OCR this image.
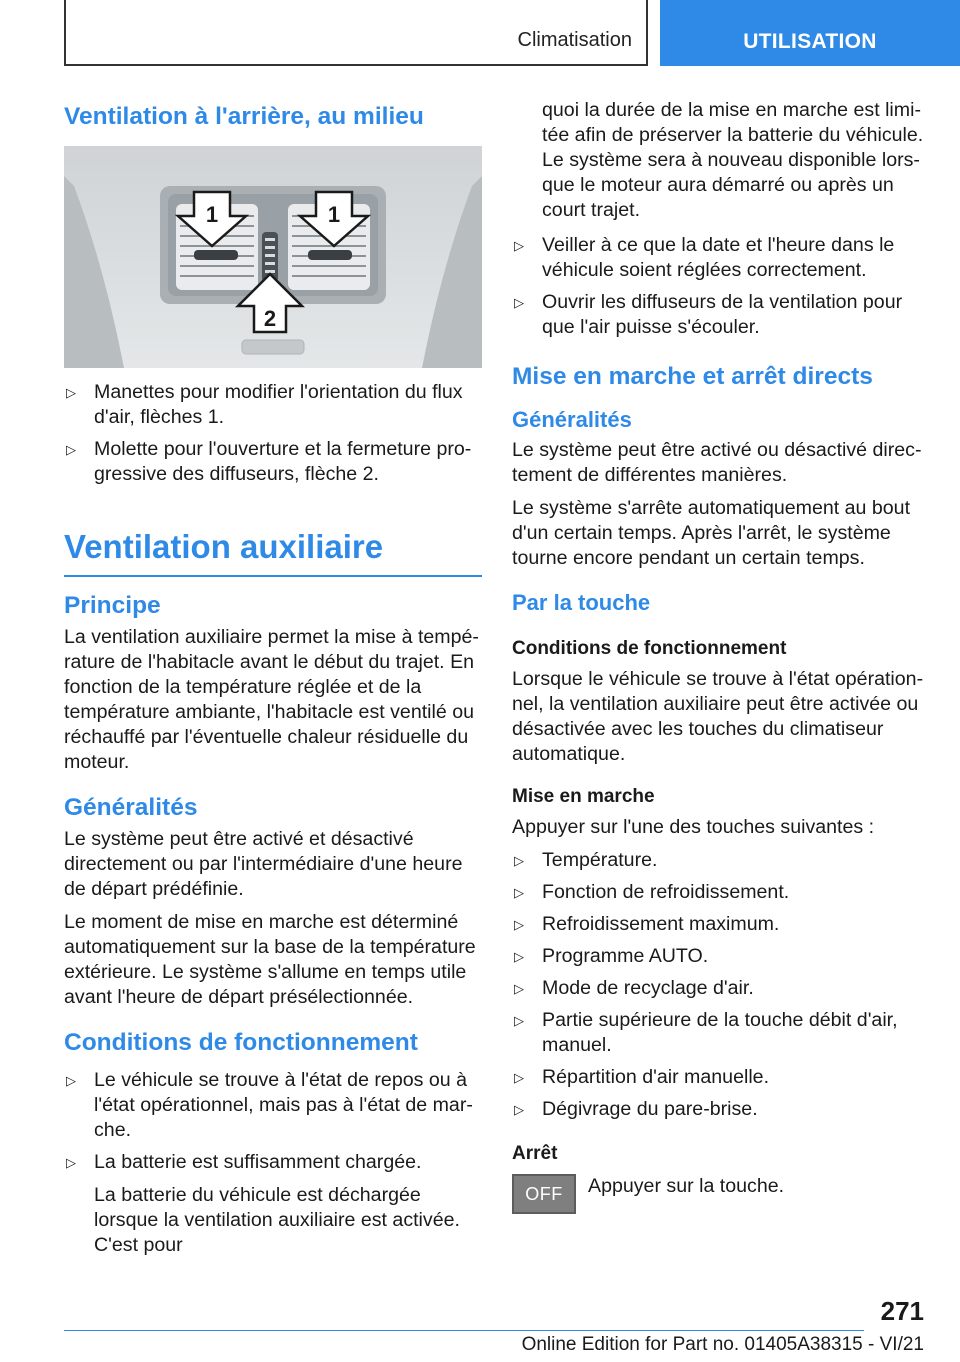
Climatisation	UTILISATION
Ventilation à l'arrière, au milieu
1	1
2
▷ Manettes pour modifier l'orientation du flux d'air, flèches 1.
▷ Molette pour l'ouverture et la fermeture progressive des diffuseurs, flèche 2.
Ventilation auxiliaire
Principe

La ventilation auxiliaire permet la mise à température de l'habitacle avant le début du trajet. En fonction de la température réglée et de la température ambiante, l'habitacle est ventilé ou réchauffé par l'éventuelle chaleur résiduelle du moteur.

Généralités

Le système peut être activé et désactivé directement ou par l'intermédiaire d'une heure de départ prédéfinie.

Le moment de mise en marche est déterminé automatiquement sur la base de la température extérieure. Le système s'allume en temps utile avant l'heure de départ présélectionnée.

Conditions de fonctionnement
▷ Le véhicule se trouve à l'état de repos ou à l'état opérationnel, mais pas à l'état de marche.
▷ La batterie est suffisamment chargée.
La batterie du véhicule est déchargée lorsque la ventilation auxiliaire est activée. C'est pour

quoi la durée de la mise en marche est limitée afin de préserver la batterie du véhicule. Le système sera à nouveau disponible lorsque le moteur aura démarré ou après un court trajet.

▷ Veiller à ce que la date et l'heure dans le véhicule soient réglées correctement.
▷ Ouvrir les diffuseurs de la ventilation pour que l'air puisse s'écouler.
Mise en marche et arrêt directs
Généralités

Le système peut être activé ou désactivé directement de différentes manières.

Le système s'arrête automatiquement au bout d'un certain temps. Après l'arrêt, le système tourne encore pendant un certain temps.

Par la touche
Conditions de fonctionnement

Lorsque le véhicule se trouve à l'état opérationnel, la ventilation auxiliaire peut être activée ou désactivée avec les touches du climatiseur automatique.

Mise en marche

Appuyer sur l'une des touches suivantes :

▷ Température.
▷ Fonction de refroidissement.
▷ Refroidissement maximum.
▷ Programme AUTO.
▷ Mode de recyclage d'air.
▷ Partie supérieure de la touche débit d'air, manuel.
▷ Répartition d'air manuelle.
▷ Dégivrage du pare-brise.
Arrêt
OFF	Appuyer sur la touche.
271
Online Edition for Part no. 01405A38315 - VI/21
